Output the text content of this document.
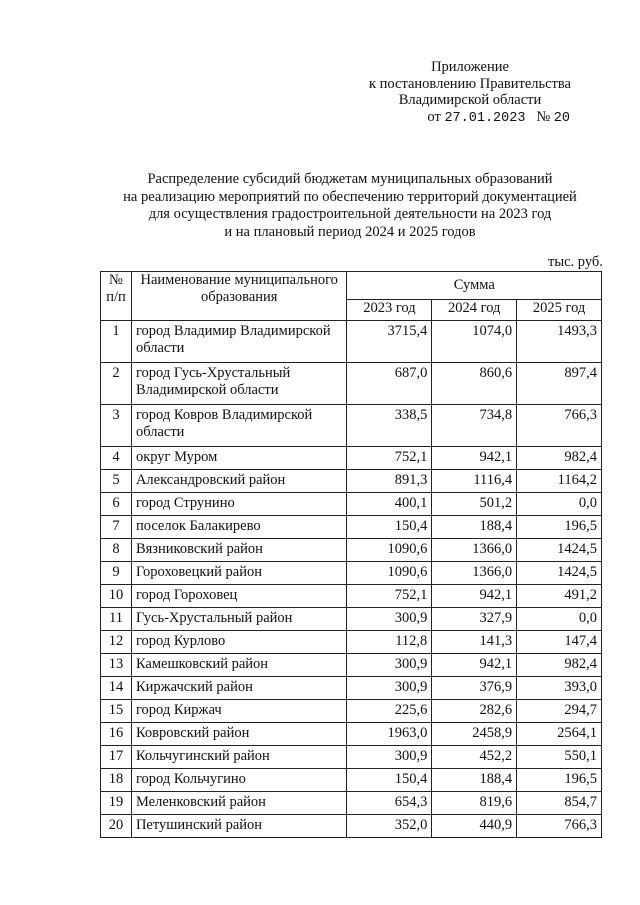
Приложение
к постановлению Правительства
Владимирской области
от 27.01.2023 № 20
Распределение субсидий бюджетам муниципальных образований
на реализацию мероприятий по обеспечению территорий документацией
для осуществления градостроительной деятельности на 2023 год
и на плановый период 2024 и 2025 годов
тыс. руб.
№ п/п	Наименование муниципального образования	Сумма		
		2023 год	2024 год	2025 год
1	город Владимир Владимирской области	3715,4	1074,0	1493,3
2	город Гусь-Хрустальный Владимирской области	687,0	860,6	897,4
3	город Ковров Владимирской области	338,5	734,8	766,3
4	округ Муром	752,1	942,1	982,4
5	Александровский район	891,3	1116,4	1164,2
6	город Струнино	400,1	501,2	0,0
7	поселок Балакирево	150,4	188,4	196,5
8	Вязниковский район	1090,6	1366,0	1424,5
9	Гороховецкий район	1090,6	1366,0	1424,5
10	город Гороховец	752,1	942,1	491,2
11	Гусь-Хрустальный район	300,9	327,9	0,0
12	город Курлово	112,8	141,3	147,4
13	Камешковский район	300,9	942,1	982,4
14	Киржачский район	300,9	376,9	393,0
15	город Киржач	225,6	282,6	294,7
16	Ковровский район	1963,0	2458,9	2564,1
17	Кольчугинский район	300,9	452,2	550,1
18	город Кольчугино	150,4	188,4	196,5
19	Меленковский район	654,3	819,6	854,7
20	Петушинский район	352,0	440,9	766,3
